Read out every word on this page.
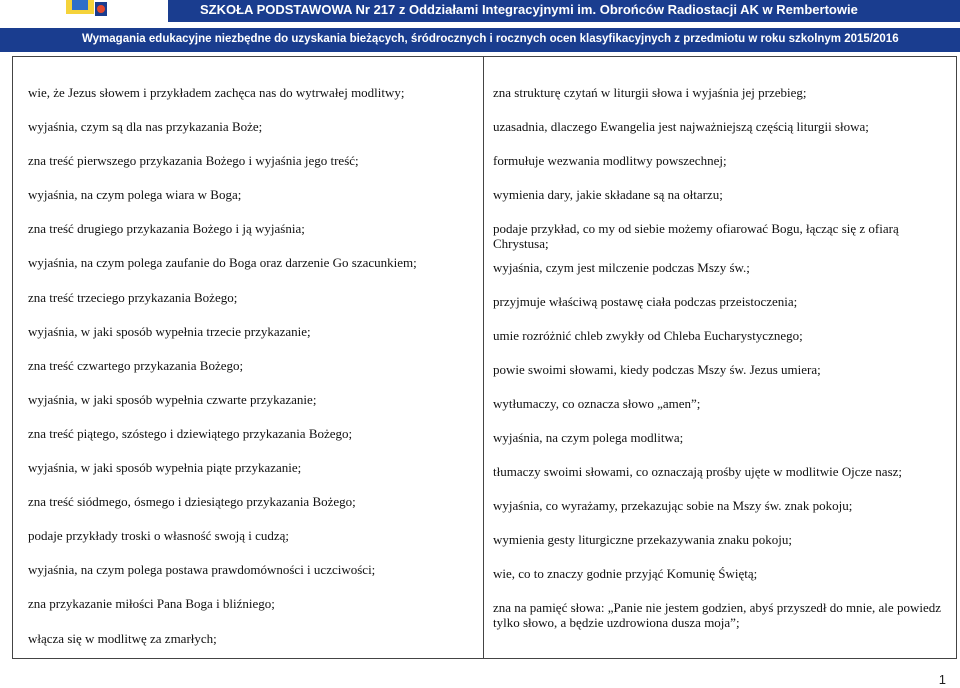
SZKOŁA PODSTAWOWA Nr 217 z Oddziałami Integracyjnymi im. Obrońców Radiostacji AK w Rembertowie
Wymagania edukacyjne niezbędne do uzyskania bieżących, śródrocznych i rocznych ocen klasyfikacyjnych z przedmiotu w roku szkolnym 2015/2016
wie, że Jezus słowem i przykładem zachęca nas do wytrwałej modlitwy;
wyjaśnia, czym są dla nas przykazania Boże;
zna treść pierwszego przykazania Bożego i wyjaśnia jego treść;
wyjaśnia, na czym polega wiara w Boga;
zna treść drugiego przykazania Bożego i ją wyjaśnia;
wyjaśnia, na czym polega zaufanie do Boga oraz darzenie Go szacunkiem;
zna treść trzeciego przykazania Bożego;
wyjaśnia, w jaki sposób wypełnia trzecie przykazanie;
zna treść czwartego przykazania Bożego;
wyjaśnia, w jaki sposób wypełnia czwarte przykazanie;
zna treść piątego, szóstego i dziewiątego przykazania Bożego;
wyjaśnia, w jaki sposób wypełnia piąte przykazanie;
zna treść siódmego, ósmego i dziesiątego przykazania Bożego;
podaje przykłady troski o własność swoją i cudzą;
wyjaśnia, na czym polega postawa prawdomówności i uczciwości;
zna przykazanie miłości Pana Boga i bliźniego;
włącza się w modlitwę za zmarłych;
zna strukturę czytań w liturgii słowa i wyjaśnia jej przebieg;
uzasadnia, dlaczego Ewangelia jest najważniejszą częścią liturgii słowa;
formułuje wezwania modlitwy powszechnej;
wymienia dary, jakie składane są na ołtarzu;
podaje przykład, co my od siebie możemy ofiarować Bogu, łącząc się z ofiarą Chrystusa;
wyjaśnia, czym jest milczenie podczas Mszy św.;
przyjmuje właściwą postawę ciała podczas przeistoczenia;
umie rozróżnić chleb zwykły od Chleba Eucharystycznego;
powie swoimi słowami, kiedy podczas Mszy św. Jezus umiera;
wytłumaczy, co oznacza słowo „amen”;
wyjaśnia, na czym polega modlitwa;
tłumaczy swoimi słowami, co oznaczają prośby ujęte w modlitwie Ojcze nasz;
wyjaśnia, co wyrażamy, przekazując sobie na Mszy św. znak pokoju;
wymienia gesty liturgiczne przekazywania znaku pokoju;
wie, co to znaczy godnie przyjąć Komunię Świętą;
zna na pamięć słowa: „Panie nie jestem godzien, abyś przyszedł do mnie, ale powiedz tylko słowo, a będzie uzdrowiona dusza moja”;
1
